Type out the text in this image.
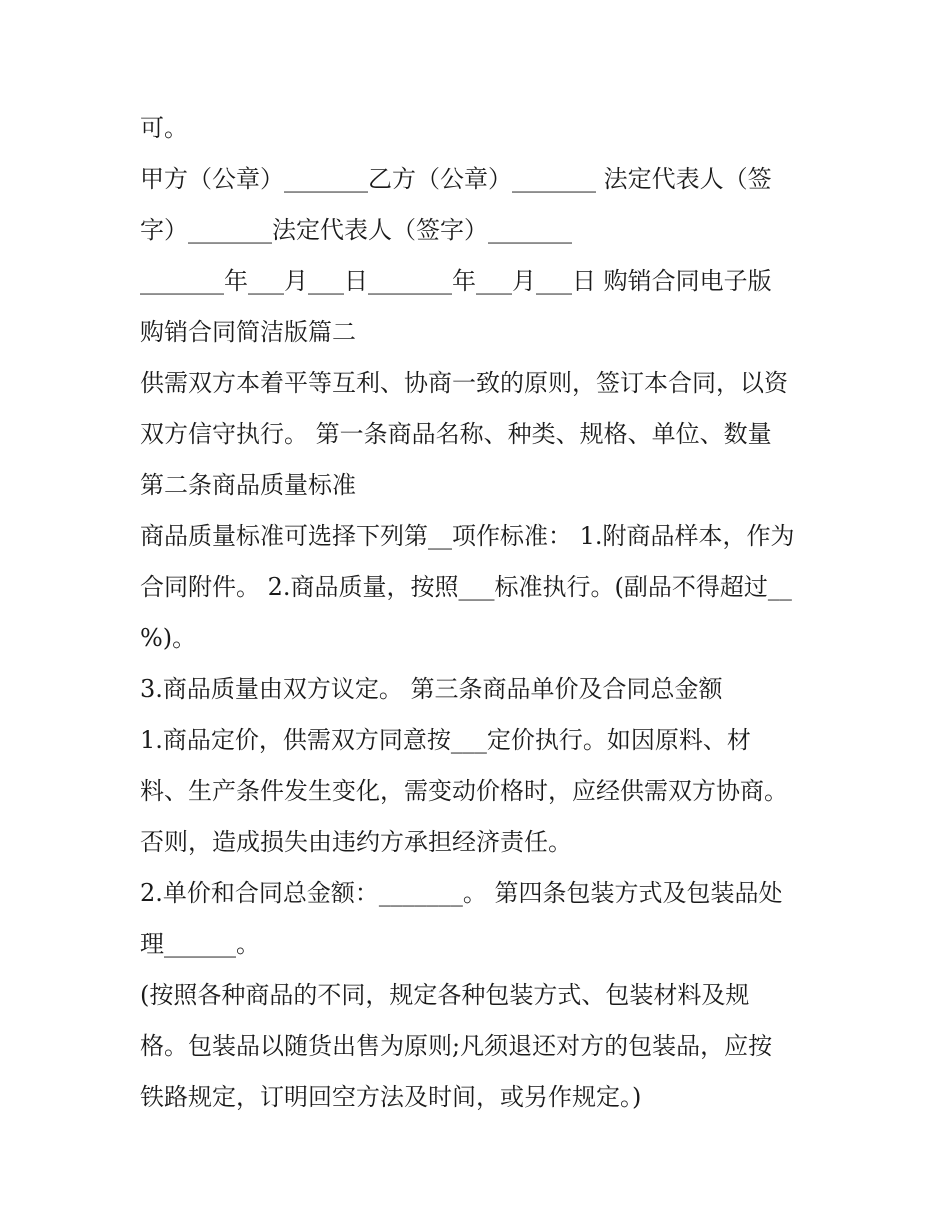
可。
甲方（公章）_______乙方（公章）_______ 法定代表人（签
字）_______法定代表人（签字）_______
_______年___月___日_______年___月___日 购销合同电子版
购销合同简洁版篇二
供需双方本着平等互利、协商一致的原则，签订本合同，以资
双方信守执行。 第一条商品名称、种类、规格、单位、数量
第二条商品质量标准
商品质量标准可选择下列第__项作标准： 1.附商品样本，作为
合同附件。 2.商品质量，按照___标准执行。(副品不得超过__
%)。
3.商品质量由双方议定。 第三条商品单价及合同总金额
1.商品定价，供需双方同意按___定价执行。如因原料、材
料、生产条件发生变化，需变动价格时，应经供需双方协商。
否则，造成损失由违约方承担经济责任。
2.单价和合同总金额：_______。 第四条包装方式及包装品处
理______。
(按照各种商品的不同，规定各种包装方式、包装材料及规
格。包装品以随货出售为原则;凡须退还对方的包装品，应按
铁路规定，订明回空方法及时间，或另作规定。)
